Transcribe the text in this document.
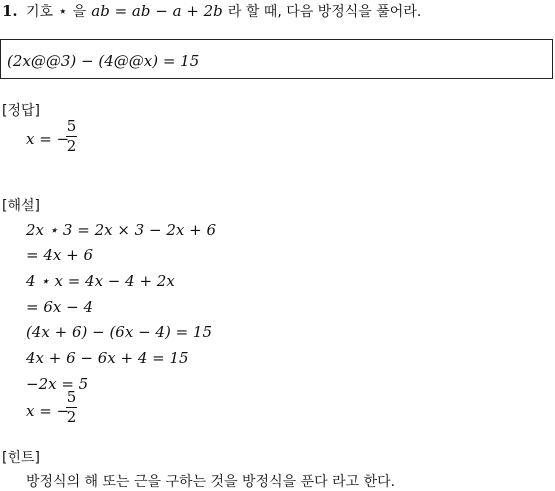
1. 기호 ⋆ 을 ab = ab − a + 2b 라 할 때, 다음 방정식을 풀어라.
(2x@@3) − (4@@x) = 15
[정답]
x = −
5
2
[해설]
2x ⋆ 3 = 2x × 3 − 2x + 6
= 4x + 6
4 ⋆ x = 4x − 4 + 2x
= 6x − 4
(4x + 6) − (6x − 4) = 15
4x + 6 − 6x + 4 = 15
−2x = 5
x = −
5
2
[힌트]
방정식의 해 또는 근을 구하는 것을 방정식을 푼다 라고 한다.
